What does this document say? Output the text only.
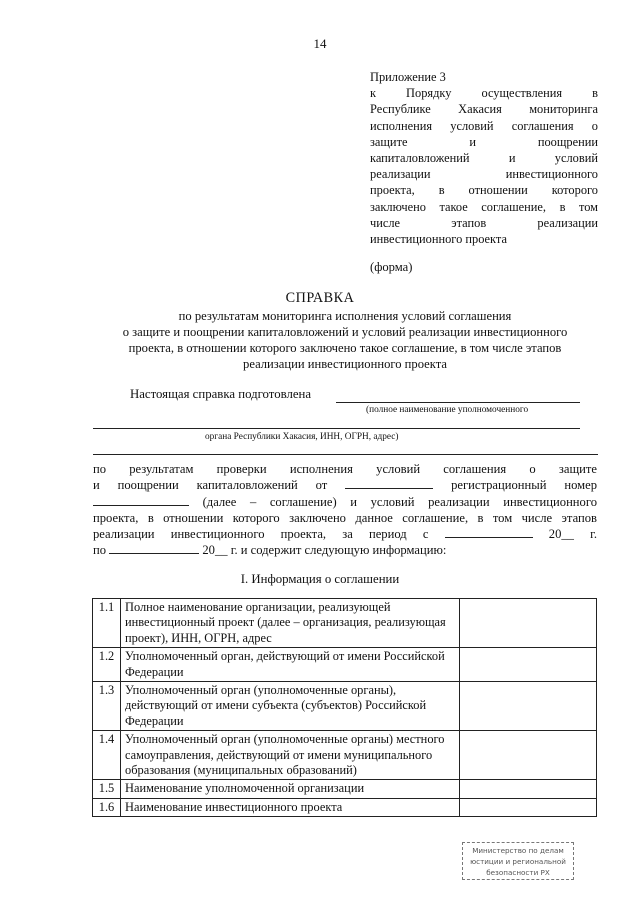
14
Приложение 3
к Порядку осуществления в
Республике Хакасия мониторинга
исполнения условий соглашения о
защите и поощрении
капиталовложений и условий
реализации инвестиционного
проекта, в отношении которого
заключено такое соглашение, в том
числе этапов реализации
инвестиционного проекта
(форма)
СПРАВКА
по результатам мониторинга исполнения условий соглашения
о защите и поощрении капиталовложений и условий реализации инвестиционного
проекта, в отношении которого заключено такое соглашение, в том числе этапов
реализации инвестиционного проекта
Настоящая справка подготовлена
(полное наименование уполномоченного
органа Республики Хакасия, ИНН, ОГРН, адрес)
по результатам проверки исполнения условий соглашения о защите
и поощрении капиталовложений от	регистрационный номер
(далее – соглашение) и условий реализации инвестиционного
проекта, в отношении которого заключено данное соглашение, в том числе этапов
реализации инвестиционного проекта, за период с	20__ г.
по	20__ г. и содержит следующую информацию:
I. Информация о соглашении
1.1	Полное наименование организации, реализующей инвестиционный проект (далее – организация, реализующая проект), ИНН, ОГРН, адрес	
1.2	Уполномоченный орган, действующий от имени Российской Федерации	
1.3	Уполномоченный орган (уполномоченные органы), действующий от имени субъекта (субъектов) Российской Федерации	
1.4	Уполномоченный орган (уполномоченные органы) местного самоуправления, действующий от имени муниципального образования (муниципальных образований)	
1.5	Наименование уполномоченной организации	
1.6	Наименование инвестиционного проекта	
Министерство по делам
юстиции и региональной
безопасности РХ
